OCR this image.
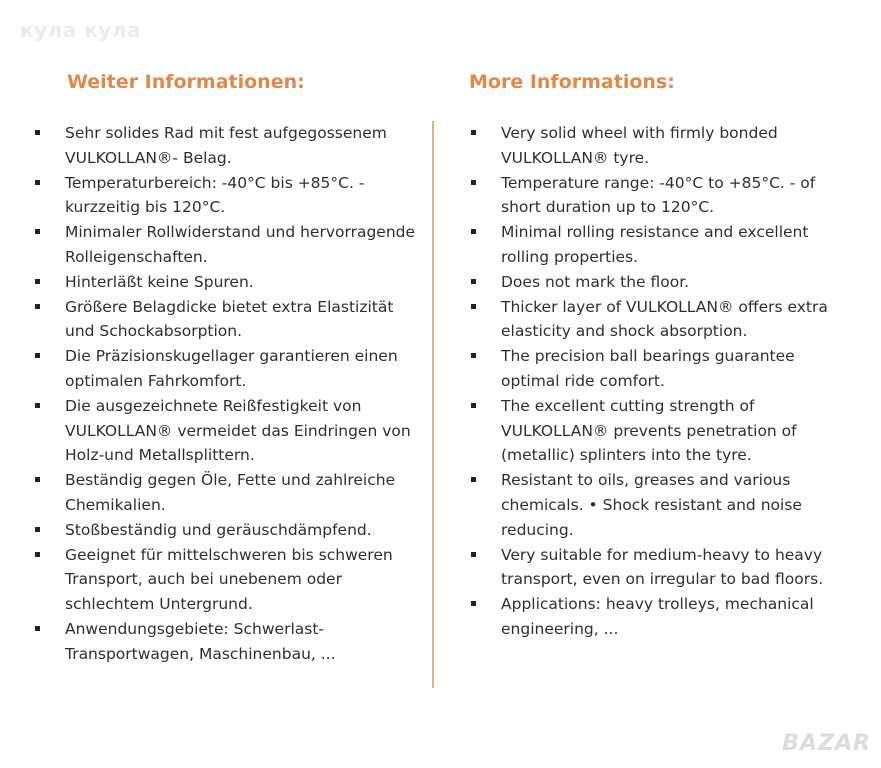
кула кула
Weiter Informationen:	More Informations:
Sehr solides Rad mit fest aufgegossenem VULKOLLAN®- Belag.
Temperaturbereich: -40°C bis +85°C. - kurzzeitig bis 120°C.
Minimaler Rollwiderstand und hervorragende Rolleigenschaften.
Hinterläßt keine Spuren.
Größere Belagdicke bietet extra Elastizität und Schockabsorption.
Die Präzisionskugellager garantieren einen optimalen Fahrkomfort.
Die ausgezeichnete Reißfestigkeit von VULKOLLAN® vermeidet das Eindringen von Holz-und Metallsplittern.
Beständig gegen Öle, Fette und zahlreiche Chemikalien.
Stoßbeständig und geräuschdämpfend.
Geeignet für mittelschweren bis schweren Transport, auch bei unebenem oder schlechtem Untergrund.
Anwendungsgebiete: Schwerlast-Transportwagen, Maschinenbau, ...
Very solid wheel with firmly bonded VULKOLLAN® tyre.
Temperature range: -40°C to +85°C. - of short duration up to 120°C.
Minimal rolling resistance and excellent rolling properties.
Does not mark the floor.
Thicker layer of VULKOLLAN® offers extra elasticity and shock absorption.
The precision ball bearings guarantee optimal ride comfort.
The excellent cutting strength of VULKOLLAN® prevents penetration of (metallic) splinters into the tyre.
Resistant to oils, greases and various chemicals. • Shock resistant and noise reducing.
Very suitable for medium-heavy to heavy transport, even on irregular to bad floors.
Applications: heavy trolleys, mechanical engineering, ...
BAZAR
